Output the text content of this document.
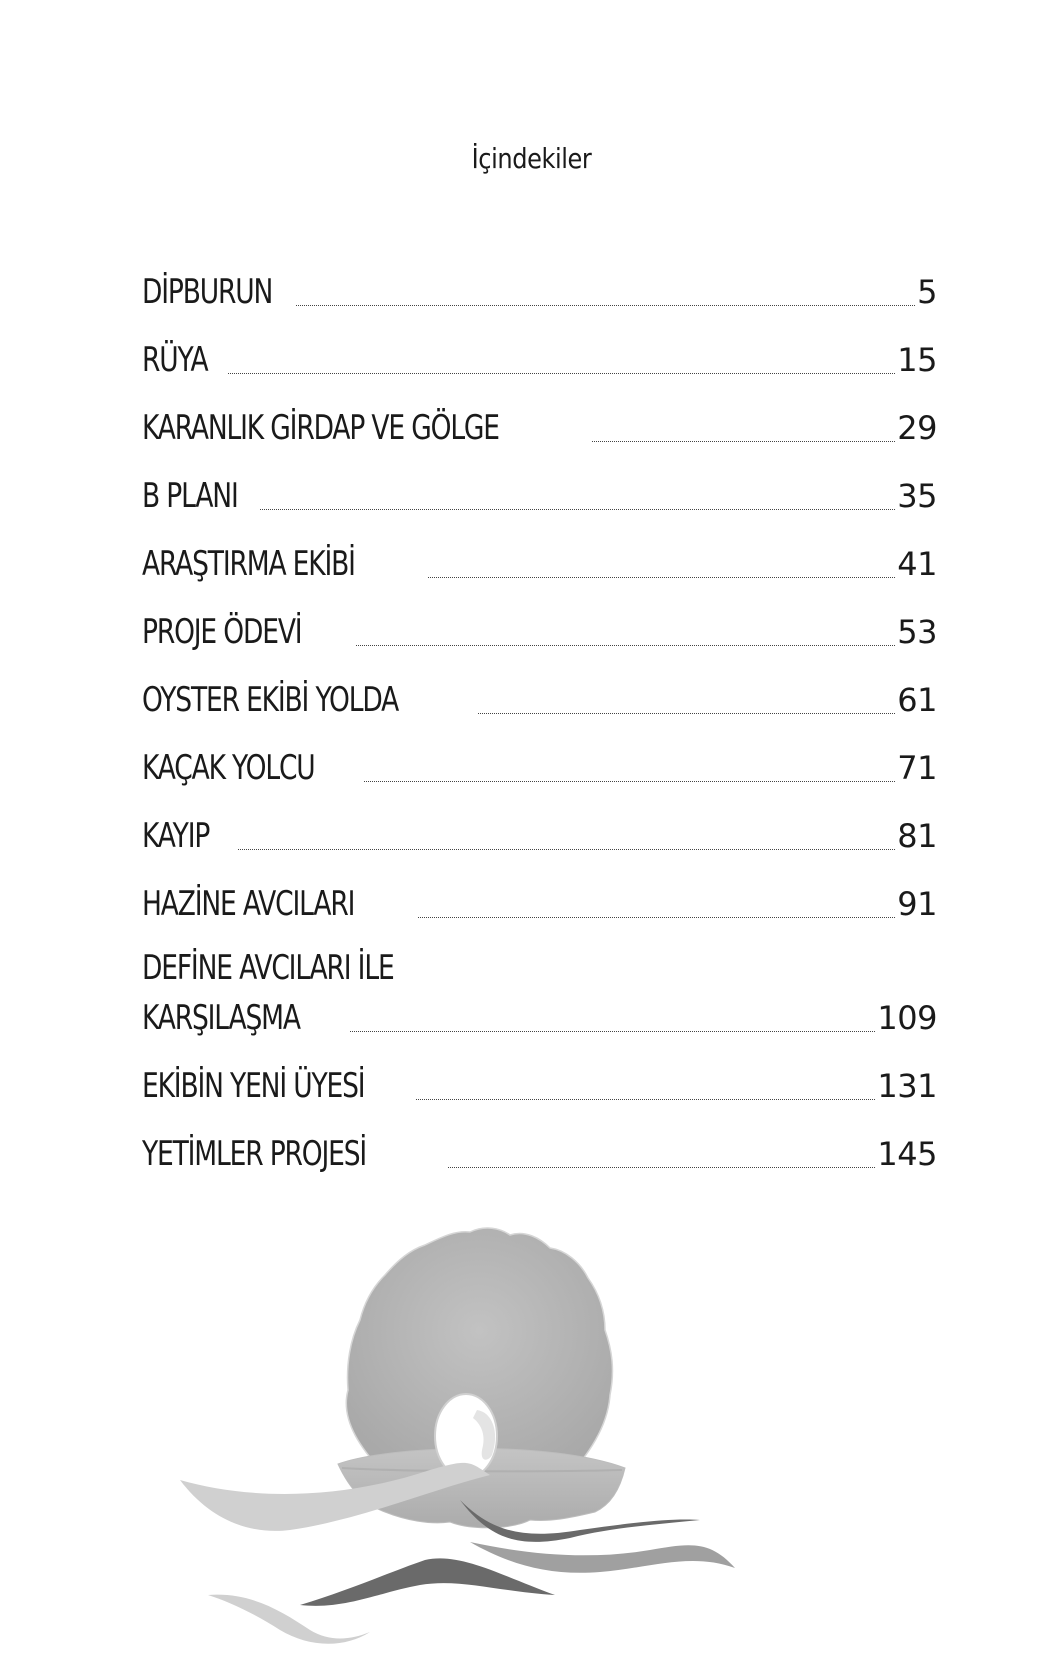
İçindekiler
DİPBURUN	5
RÜYA	15
KARANLIK GİRDAP VE GÖLGE	29
B PLANI	35
ARAŞTIRMA EKİBİ	41
PROJE ÖDEVİ	53
OYSTER EKİBİ YOLDA	61
KAÇAK YOLCU	71
KAYIP	81
HAZİNE AVCILARI	91
DEFİNE AVCILARI İLE
KARŞILAŞMA	109
EKİBİN YENİ ÜYESİ	131
YETİMLER PROJESİ	145
